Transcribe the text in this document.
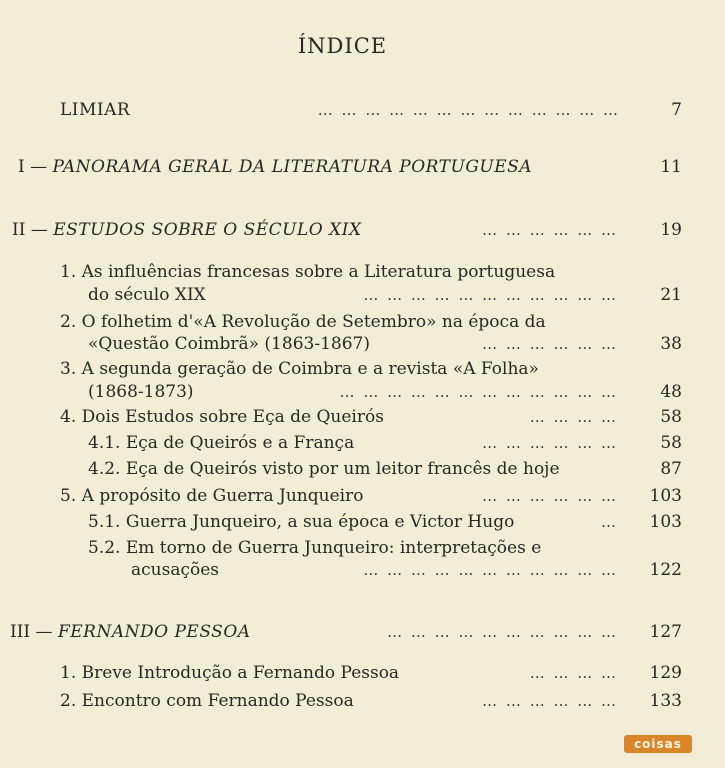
ÍNDICE
LIMIAR	… … … … … … … … … … … … …	7
I — PANORAMA GERAL DA LITERATURA PORTUGUESA	11
II — ESTUDOS SOBRE O SÉCULO XIX	… … … … … … 19
1. As influências francesas sobre a Literatura portuguesa
do século XIX	… … … … … … … … … … … 21
2. O folhetim d'«A Revolução de Setembro» na época da
«Questão Coimbrã» (1863-1867)	… … … … … … 38
3. A segunda geração de Coimbra e a revista «A Folha»
(1868-1873)	… … … … … … … … … … … … 48
4. Dois Estudos sobre Eça de Queirós	… … … … 58
4.1. Eça de Queirós e a França	… … … … … … 58
4.2. Eça de Queirós visto por um leitor francês de hoje	87
5. A propósito de Guerra Junqueiro	… … … … … … 103
5.1. Guerra Junqueiro, a sua época e Victor Hugo	… 103
5.2. Em torno de Guerra Junqueiro: interpretações e
acusações	… … … … … … … … … … … 122
III — FERNANDO PESSOA	… … … … … … … … … … 127
1. Breve Introdução a Fernando Pessoa	… … … … 129
2. Encontro com Fernando Pessoa	… … … … … … 133
coisas
